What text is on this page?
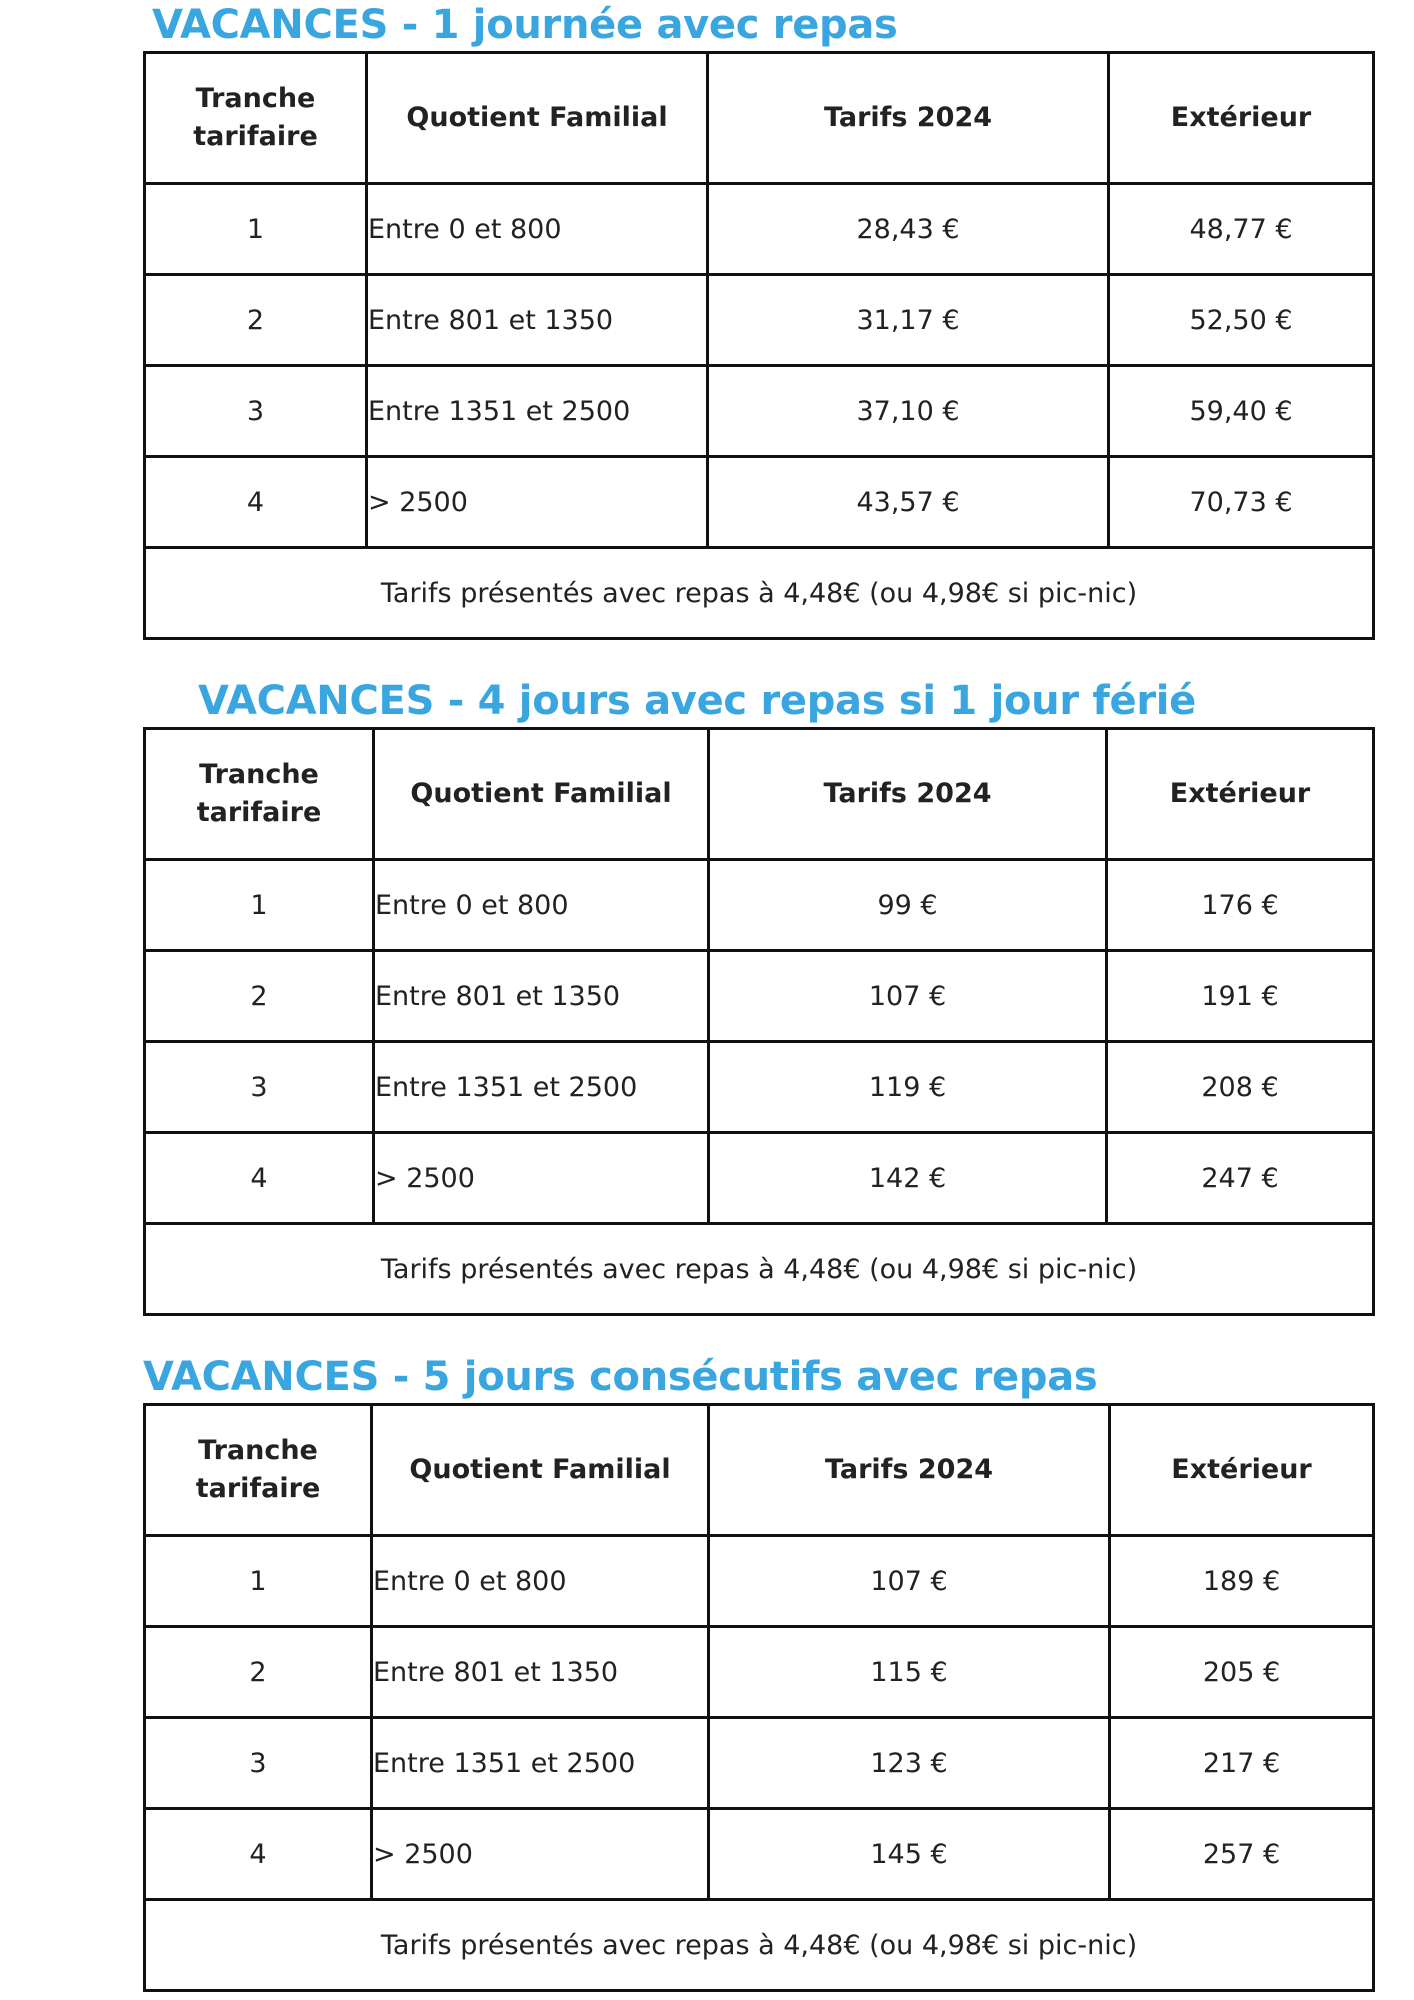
VACANCES - 1 journée avec repas
Tranche
tarifaire	Quotient Familial	Tarifs 2024	Extérieur
1	Entre 0 et 800	28,43 €	48,77 €
2	Entre 801 et 1350	31,17 €	52,50 €
3	Entre 1351 et 2500	37,10 €	59,40 €
4	> 2500	43,57 €	70,73 €
Tarifs présentés avec repas à 4,48€ (ou 4,98€ si pic-nic)			
VACANCES - 4 jours avec repas si 1 jour férié
Tranche
tarifaire	Quotient Familial	Tarifs 2024	Extérieur
1	Entre 0 et 800	99 €	176 €
2	Entre 801 et 1350	107 €	191 €
3	Entre 1351 et 2500	119 €	208 €
4	> 2500	142 €	247 €
Tarifs présentés avec repas à 4,48€ (ou 4,98€ si pic-nic)			
VACANCES - 5 jours consécutifs avec repas
Tranche
tarifaire	Quotient Familial	Tarifs 2024	Extérieur
1	Entre 0 et 800	107 €	189 €
2	Entre 801 et 1350	115 €	205 €
3	Entre 1351 et 2500	123 €	217 €
4	> 2500	145 €	257 €
Tarifs présentés avec repas à 4,48€ (ou 4,98€ si pic-nic)			
